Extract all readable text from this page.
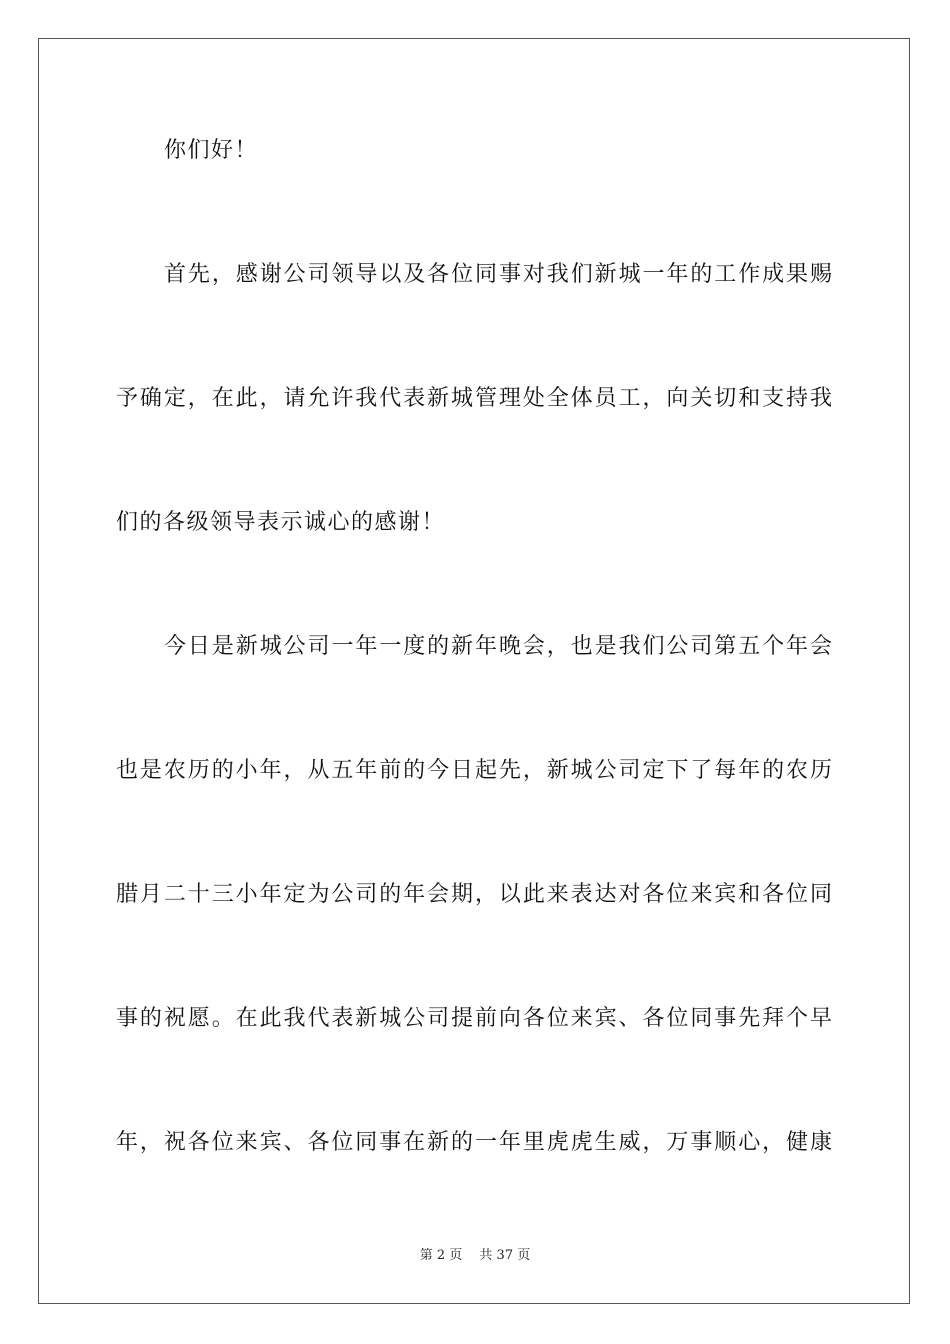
你们好！
首先，感谢公司领导以及各位同事对我们新城一年的工作成果赐
予确定，在此，请允许我代表新城管理处全体员工，向关切和支持我
们的各级领导表示诚心的感谢！
今日是新城公司一年一度的新年晚会，也是我们公司第五个年会
也是农历的小年，从五年前的今日起先，新城公司定下了每年的农历
腊月二十三小年定为公司的年会期，以此来表达对各位来宾和各位同
事的祝愿。在此我代表新城公司提前向各位来宾、各位同事先拜个早
年，祝各位来宾、各位同事在新的一年里虎虎生威，万事顺心，健康
第 2 页　 共 37 页
